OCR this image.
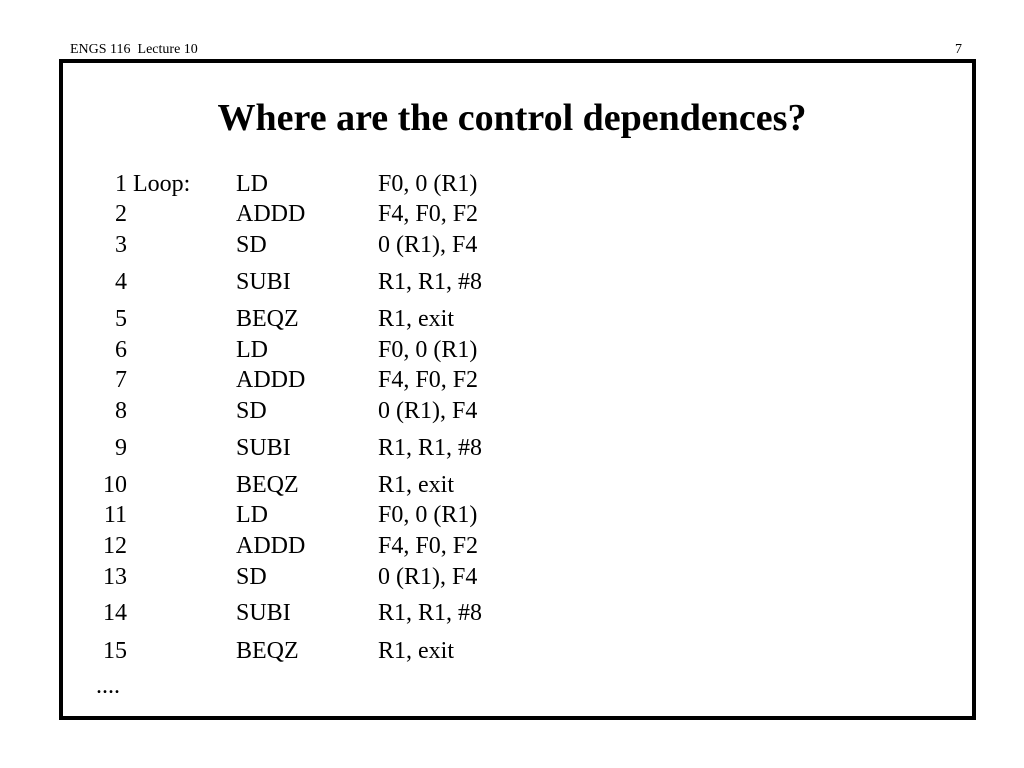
ENGS 116  Lecture 10	7
Where are the control dependences?
1 Loop: LD	F0, 0 (R1)
2	ADDD	F4, F0, F2
3	SD	0 (R1), F4
4	SUBI	R1, R1, #8
5	BEQZ	R1, exit
6	LD	F0, 0 (R1)
7	ADDD	F4, F0, F2
8	SD	0 (R1), F4
9	SUBI	R1, R1, #8
10	BEQZ	R1, exit
11	LD	F0, 0 (R1)
12	ADDD	F4, F0, F2
13	SD	0 (R1), F4
14	SUBI	R1, R1, #8
15	BEQZ	R1, exit
....
